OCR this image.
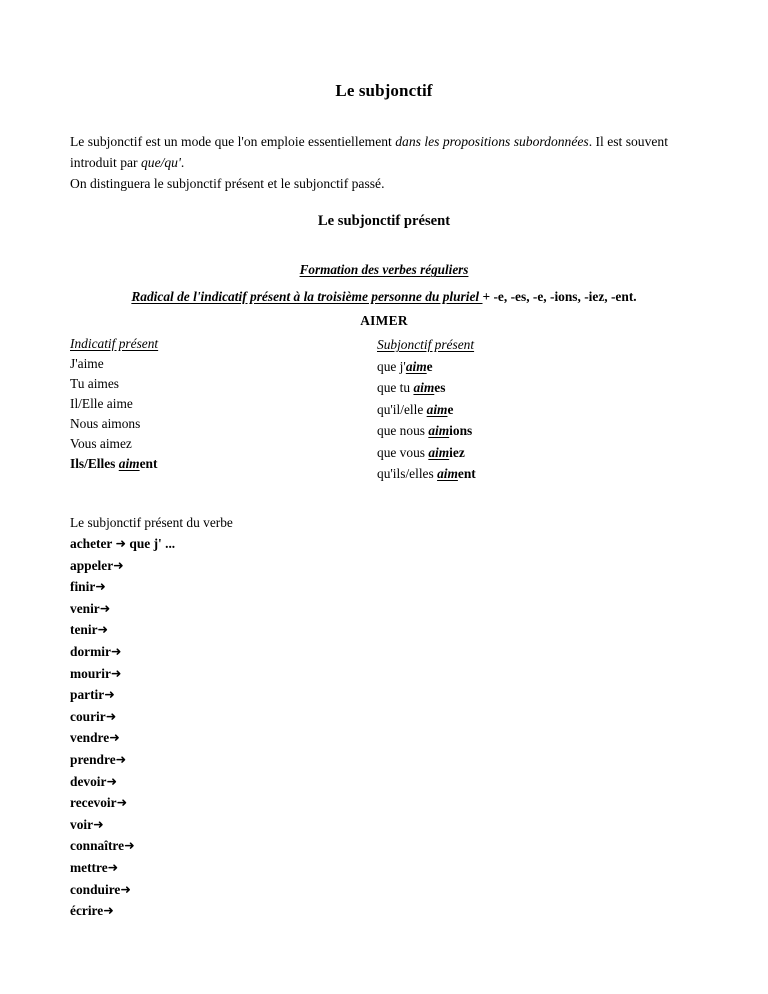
Le subjonctif

Le subjonctif est un mode que l'on emploie essentiellement dans les propositions subordonnées. Il est souvent introduit par que/qu'.

On distinguera le subjonctif présent et le subjonctif passé.

Le subjonctif présent
Formation des verbes réguliers
Radical de l'indicatif présent à la troisième personne du pluriel + -e, -es, -e, -ions, -iez, -ent.
AIMER
Indicatif présent
J'aime
Tu aimes
Il/Elle aime
Nous aimons
Vous aimez
Ils/Elles aiment
Subjonctif présent
que j'aime
que tu aimes
qu'il/elle aime
que nous aimions
que vous aimiez
qu'ils/elles aiment
Le subjonctif présent du verbe
acheter ➜ que j' ...
appeler➜
finir➜
venir➜
tenir➜
dormir➜
mourir➜
partir➜
courir➜
vendre➜
prendre➜
devoir➜
recevoir➜
voir➜
connaître➜
mettre➜
conduire➜
écrire➜
